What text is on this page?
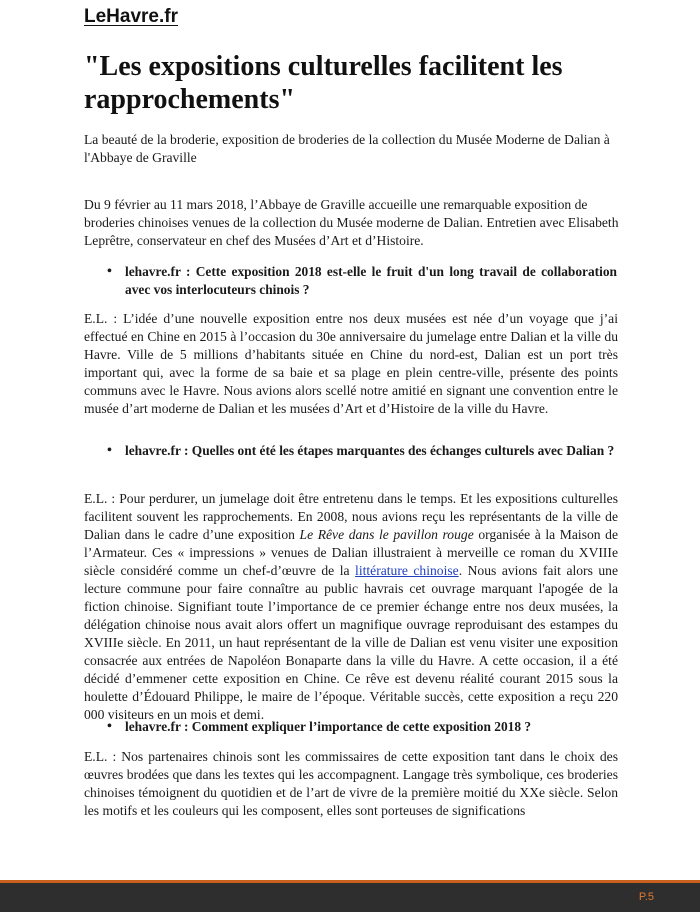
LeHavre.fr
"Les expositions culturelles facilitent les rapprochements"

La beauté de la broderie, exposition de broderies de la collection du Musée Moderne de Dalian à l'Abbaye de Graville

Du 9 février au 11 mars 2018, l’Abbaye de Graville accueille une remarquable exposition de broderies chinoises venues de la collection du Musée moderne de Dalian. Entretien avec Elisabeth Leprêtre, conservateur en chef des Musées d’Art et d’Histoire.

• lehavre.fr : Cette exposition 2018 est-elle le fruit d'un long travail de collaboration avec vos interlocuteurs chinois ?

E.L. : L’idée d’une nouvelle exposition entre nos deux musées est née d’un voyage que j’ai effectué en Chine en 2015 à l’occasion du 30e anniversaire du jumelage entre Dalian et la ville du Havre. Ville de 5 millions d’habitants située en Chine du nord-est, Dalian est un port très important qui, avec la forme de sa baie et sa plage en plein centre-ville, présente des points communs avec le Havre. Nous avions alors scellé notre amitié en signant une convention entre le musée d’art moderne de Dalian et les musées d’Art et d’Histoire de la ville du Havre.

• lehavre.fr : Quelles ont été les étapes marquantes des échanges culturels avec Dalian ?

E.L. : Pour perdurer, un jumelage doit être entretenu dans le temps. Et les expositions culturelles facilitent souvent les rapprochements. En 2008, nous avions reçu les représentants de la ville de Dalian dans le cadre d’une exposition Le Rêve dans le pavillon rouge organisée à la Maison de l’Armateur. Ces « impressions » venues de Dalian illustraient à merveille ce roman du XVIIIe siècle considéré comme un chef-d’œuvre de la littérature chinoise. Nous avions fait alors une lecture commune pour faire connaître au public havrais cet ouvrage marquant l'apogée de la fiction chinoise. Signifiant toute l’importance de ce premier échange entre nos deux musées, la délégation chinoise nous avait alors offert un magnifique ouvrage reproduisant des estampes du XVIIIe siècle. En 2011, un haut représentant de la ville de Dalian est venu visiter une exposition consacrée aux entrées de Napoléon Bonaparte dans la ville du Havre. A cette occasion, il a été décidé d’emmener cette exposition en Chine. Ce rêve est devenu réalité courant 2015 sous la houlette d’Édouard Philippe, le maire de l’époque. Véritable succès, cette exposition a reçu 220 000 visiteurs en un mois et demi.

• lehavre.fr : Comment expliquer l’importance de cette exposition 2018 ?

E.L. : Nos partenaires chinois sont les commissaires de cette exposition tant dans le choix des œuvres brodées que dans les textes qui les accompagnent. Langage très symbolique, ces broderies chinoises témoignent du quotidien et de l’art de vivre de la première moitié du XXe siècle. Selon les motifs et les couleurs qui les composent, elles sont porteuses de significations

P.5
